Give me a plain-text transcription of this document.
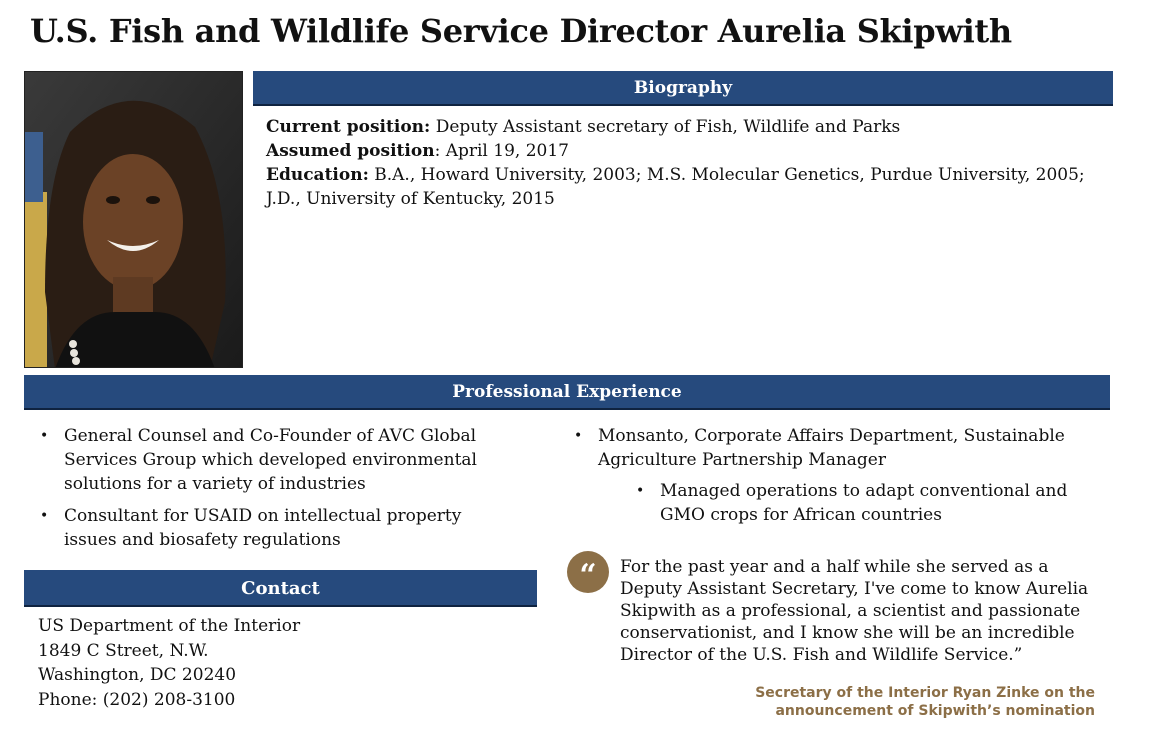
U.S. Fish and Wildlife Service Director Aurelia Skipwith
Biography

Current position: Deputy Assistant secretary of Fish, Wildlife and Parks

Assumed position: April 19, 2017

Education: B.A., Howard University, 2003; M.S. Molecular Genetics, Purdue University, 2005; J.D., University of Kentucky, 2015

Professional Experience
• General Counsel and Co-Founder of AVC Global Services Group which developed environmental solutions for a variety of industries
• Consultant for USAID on intellectual property issues and biosafety regulations
• Monsanto, Corporate Affairs Department, Sustainable Agriculture Partnership Manager
• Managed operations to adapt conventional and GMO crops for African countries
Contact
US Department of the Interior
1849 C Street, N.W.
Washington, DC 20240
Phone: (202) 208-3100
“	For the past year and a half while she served as a Deputy Assistant Secretary, I've come to know Aurelia Skipwith as a professional, a scientist and passionate conservationist, and I know she will be an incredible Director of the U.S. Fish and Wildlife Service.”
Secretary of the Interior Ryan Zinke on the
announcement of Skipwith’s nomination
